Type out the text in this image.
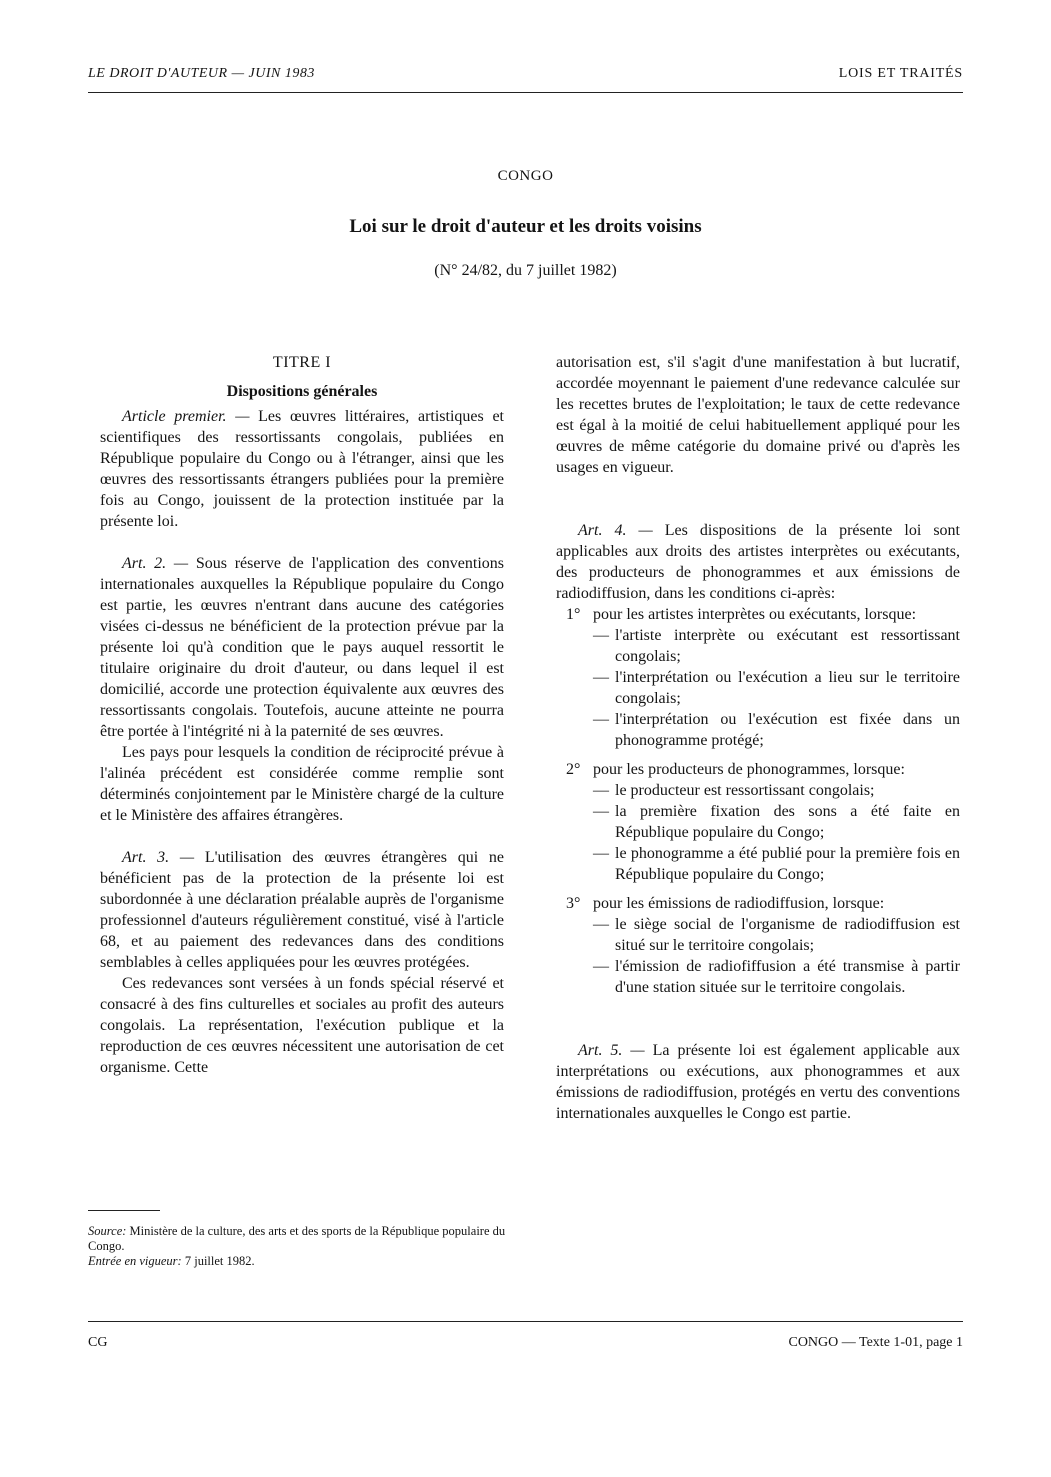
LE DROIT D'AUTEUR — JUIN 1983	LOIS ET TRAITÉS
CONGO
Loi sur le droit d'auteur et les droits voisins
(N° 24/82, du 7 juillet 1982)

TITRE I

Dispositions générales

Article premier. — Les œuvres littéraires, artistiques et scientifiques des ressortissants congolais, publiées en République populaire du Congo ou à l'étranger, ainsi que les œuvres des ressortissants étrangers publiées pour la première fois au Congo, jouissent de la protection instituée par la présente loi.

Art. 2. — Sous réserve de l'application des conventions internationales auxquelles la République populaire du Congo est partie, les œuvres n'entrant dans aucune des catégories visées ci-dessus ne bénéficient de la protection prévue par la présente loi qu'à condition que le pays auquel ressortit le titulaire originaire du droit d'auteur, ou dans lequel il est domicilié, accorde une protection équivalente aux œuvres des ressortissants congolais. Toutefois, aucune atteinte ne pourra être portée à l'intégrité ni à la paternité de ses œuvres.

Les pays pour lesquels la condition de réciprocité prévue à l'alinéa précédent est considérée comme remplie sont déterminés conjointement par le Ministère chargé de la culture et le Ministère des affaires étrangères.

Art. 3. — L'utilisation des œuvres étrangères qui ne bénéficient pas de la protection de la présente loi est subordonnée à une déclaration préalable auprès de l'organisme professionnel d'auteurs régulièrement constitué, visé à l'article 68, et au paiement des redevances dans des conditions semblables à celles appliquées pour les œuvres protégées.

Ces redevances sont versées à un fonds spécial réservé et consacré à des fins culturelles et sociales au profit des auteurs congolais. La représentation, l'exécution publique et la reproduction de ces œuvres nécessitent une autorisation de cet organisme. Cette

autorisation est, s'il s'agit d'une manifestation à but lucratif, accordée moyennant le paiement d'une redevance calculée sur les recettes brutes de l'exploitation; le taux de cette redevance est égal à la moitié de celui habituellement appliqué pour les œuvres de même catégorie du domaine privé ou d'après les usages en vigueur.

Art. 4. — Les dispositions de la présente loi sont applicables aux droits des artistes interprètes ou exécutants, des producteurs de phonogrammes et aux émissions de radiodiffusion, dans les conditions ci-après:

1° pour les artistes interprètes ou exécutants, lorsque:

— l'artiste interprète ou exécutant est ressortissant congolais;

— l'interprétation ou l'exécution a lieu sur le territoire congolais;

— l'interprétation ou l'exécution est fixée dans un phonogramme protégé;

2° pour les producteurs de phonogrammes, lorsque:

— le producteur est ressortissant congolais;

— la première fixation des sons a été faite en République populaire du Congo;

— le phonogramme a été publié pour la première fois en République populaire du Congo;

3° pour les émissions de radiodiffusion, lorsque:

— le siège social de l'organisme de radiodiffusion est situé sur le territoire congolais;

— l'émission de radiofiffusion a été transmise à partir d'une station située sur le territoire congolais.

Art. 5. — La présente loi est également applicable aux interprétations ou exécutions, aux phonogrammes et aux émissions de radiodiffusion, protégés en vertu des conventions internationales auxquelles le Congo est partie.

Source: Ministère de la culture, des arts et des sports de la République populaire du Congo.
Entrée en vigueur: 7 juillet 1982.
CG	CONGO — Texte 1-01, page 1
